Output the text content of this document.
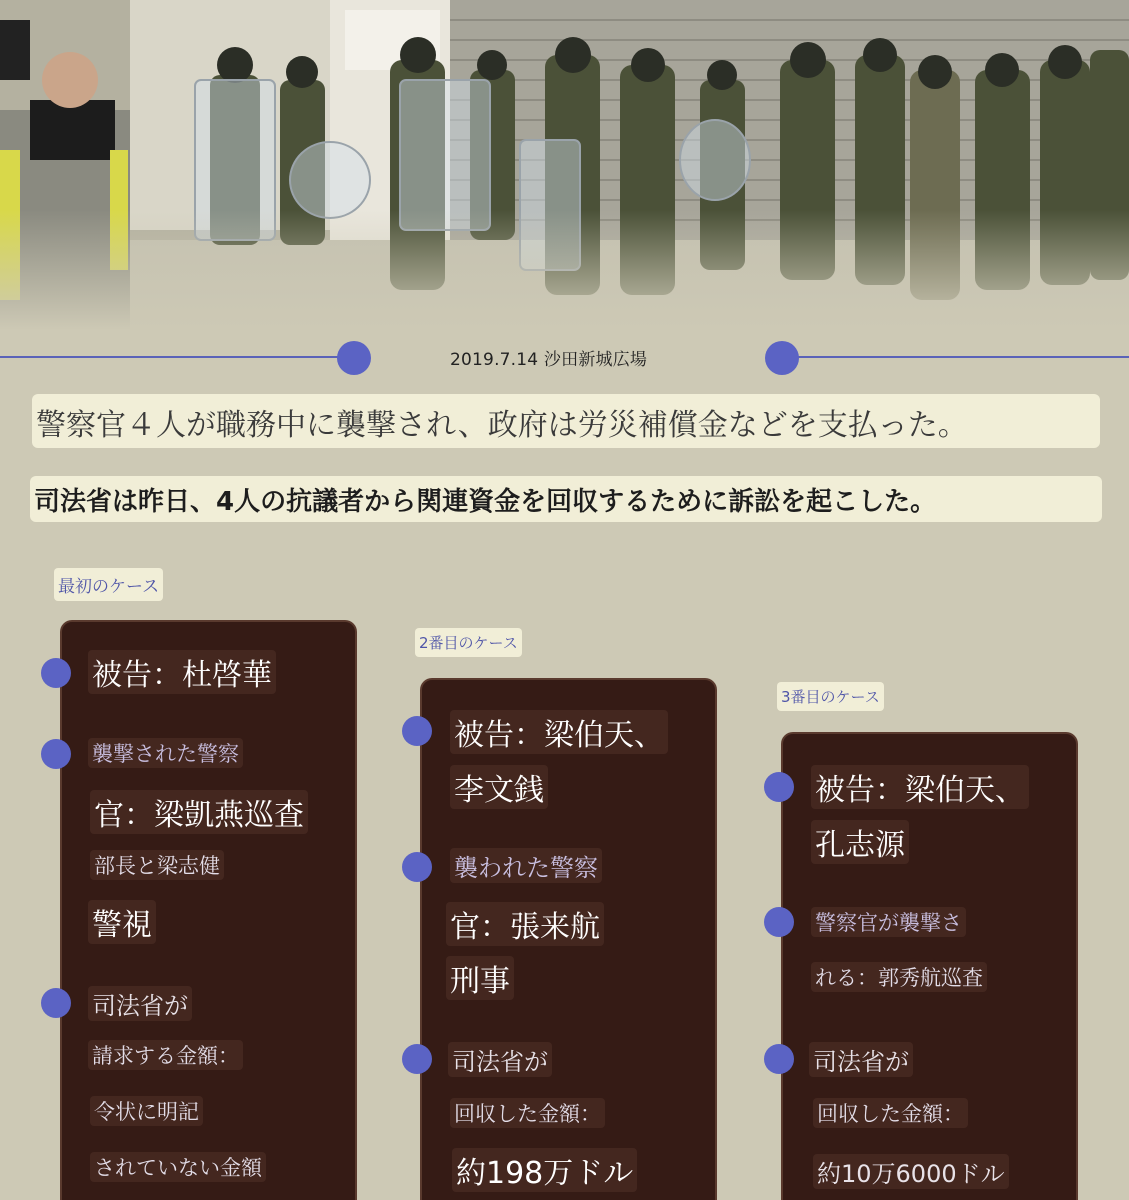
2019.7.14 沙田新城広場
警察官４人が職務中に襲撃され、政府は労災補償金などを支払った。
司法省は昨日、4人の抗議者から関連資金を回収するために訴訟を起こした。
最初のケース
被告：杜啓華
襲撃された警察
官：梁凱燕巡査
部長と梁志健
警視
司法省が
請求する金額：
令状に明記
されていない金額
2番目のケース
被告：梁伯天、
李文銭
襲われた警察
官：張来航
刑事
司法省が
回収した金額：
約198万ドル
3番目のケース
被告：梁伯天、
孔志源
警察官が襲撃さ
れる：郭秀航巡査
司法省が
回収した金額：
約10万6000ドル
